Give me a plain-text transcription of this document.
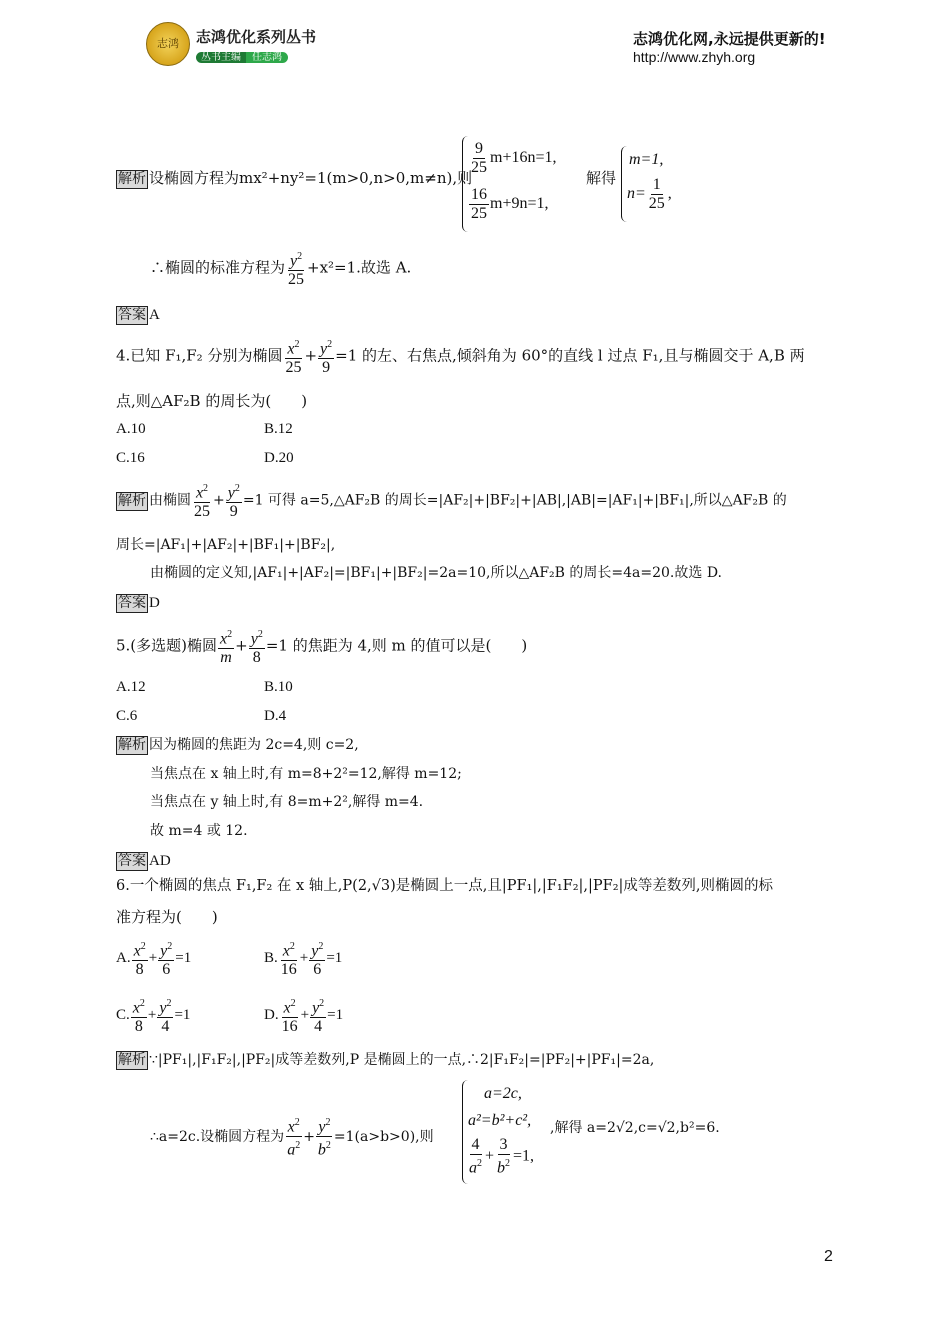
志鸿	志鸿优化系列丛书
丛书主编 任志鸿
志鸿优化网,永远提供更新的!
http://www.zhyh.org
解析 设椭圆方程为mx²+ny²=1(m>0,n>0,m≠n),则
$\frac{9}{25} m+16n=1$,
$\frac{16}{25} m+9n=1$,
解得
m=1,
$n= \frac{1}{25}$ ,
∴椭圆的标准方程为 $\frac{y^2}{25} +x^2=1$.故选 A.
答案 A
4.已知 F₁,F₂ 分别为椭圆 $\frac{x^2}{25} + \frac{y^2}{9} =1$ 的左、右焦点,倾斜角为 60°的直线 l 过点 F₁,且与椭圆交于 A,B 两
点,则△AF₂B 的周长为(　　)
A.10	B.12
C.16	D.20
解析 由椭圆 $\frac{x^2}{25} + \frac{y^2}{9} =1$ 可得 a=5,△AF₂B 的周长=|AF₂|+|BF₂|+|AB|,|AB|=|AF₁|+|BF₁|,所以△AF₂B 的
周长=|AF₁|+|AF₂|+|BF₁|+|BF₂|,
由椭圆的定义知,|AF₁|+|AF₂|=|BF₁|+|BF₂|=2a=10,所以△AF₂B 的周长=4a=20.故选 D.
答案 D
5.(多选题)椭圆 $\frac{x^2}{m} + \frac{y^2}{8} =1$ 的焦距为 4,则 m 的值可以是(　　)
A.12	B.10
C.6	D.4
解析 因为椭圆的焦距为 2c=4,则 c=2,
当焦点在 x 轴上时,有 m=8+2²=12,解得 m=12;
当焦点在 y 轴上时,有 8=m+2²,解得 m=4.
故 m=4 或 12.
答案 AD
6.一个椭圆的焦点 F₁,F₂ 在 x 轴上,P(2,√3)是椭圆上一点,且|PF₁|,|F₁F₂|,|PF₂|成等差数列,则椭圆的标
准方程为(　　)
A. $\frac{x^2}{8} + \frac{y^2}{6} =1$	B. $\frac{x^2}{16} + \frac{y^2}{6} =1$
C. $\frac{x^2}{8} + \frac{y^2}{4} =1$	D. $\frac{x^2}{16} + \frac{y^2}{4} =1$
解析 ∵|PF₁|,|F₁F₂|,|PF₂|成等差数列,P 是椭圆上的一点,∴2|F₁F₂|=|PF₂|+|PF₁|=2a,
∴a=2c.设椭圆方程为 $\frac{x^2}{a^2} + \frac{y^2}{b^2} =1(a>b>0)$,则
a=2c,
a²=b²+c², ,解得 a=2√2,c=√2,b²=6.
$\frac{4}{a^2} + \frac{3}{b^2} =1$,
2
